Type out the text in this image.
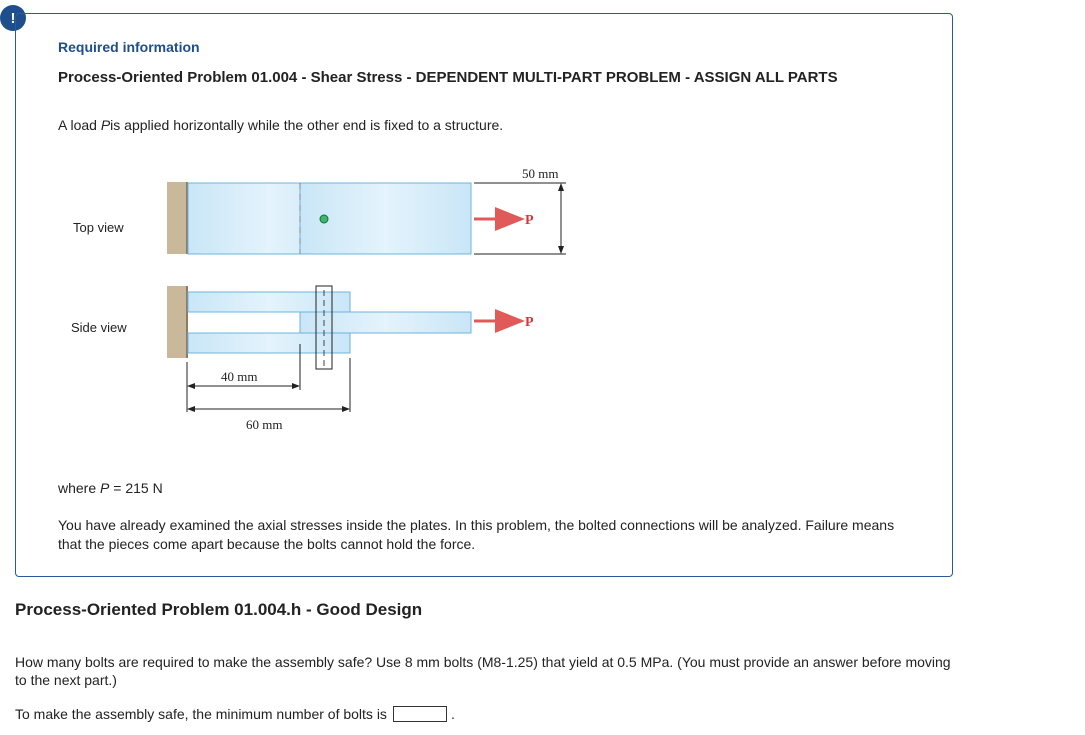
!
Required information
Process-Oriented Problem 01.004 - Shear Stress - DEPENDENT MULTI-PART PROBLEM - ASSIGN ALL PARTS
A load Pis applied horizontally while the other end is fixed to a structure.
Top view
Side view
P
50 mm
P
40 mm
60 mm
where P = 215 N
You have already examined the axial stresses inside the plates. In this problem, the bolted connections will be analyzed. Failure means that the pieces come apart because the bolts cannot hold the force.
Process-Oriented Problem 01.004.h - Good Design
How many bolts are required to make the assembly safe? Use 8 mm bolts (M8-1.25) that yield at 0.5 MPa. (You must provide an answer before moving to the next part.)
To make the assembly safe, the minimum number of bolts is	.
